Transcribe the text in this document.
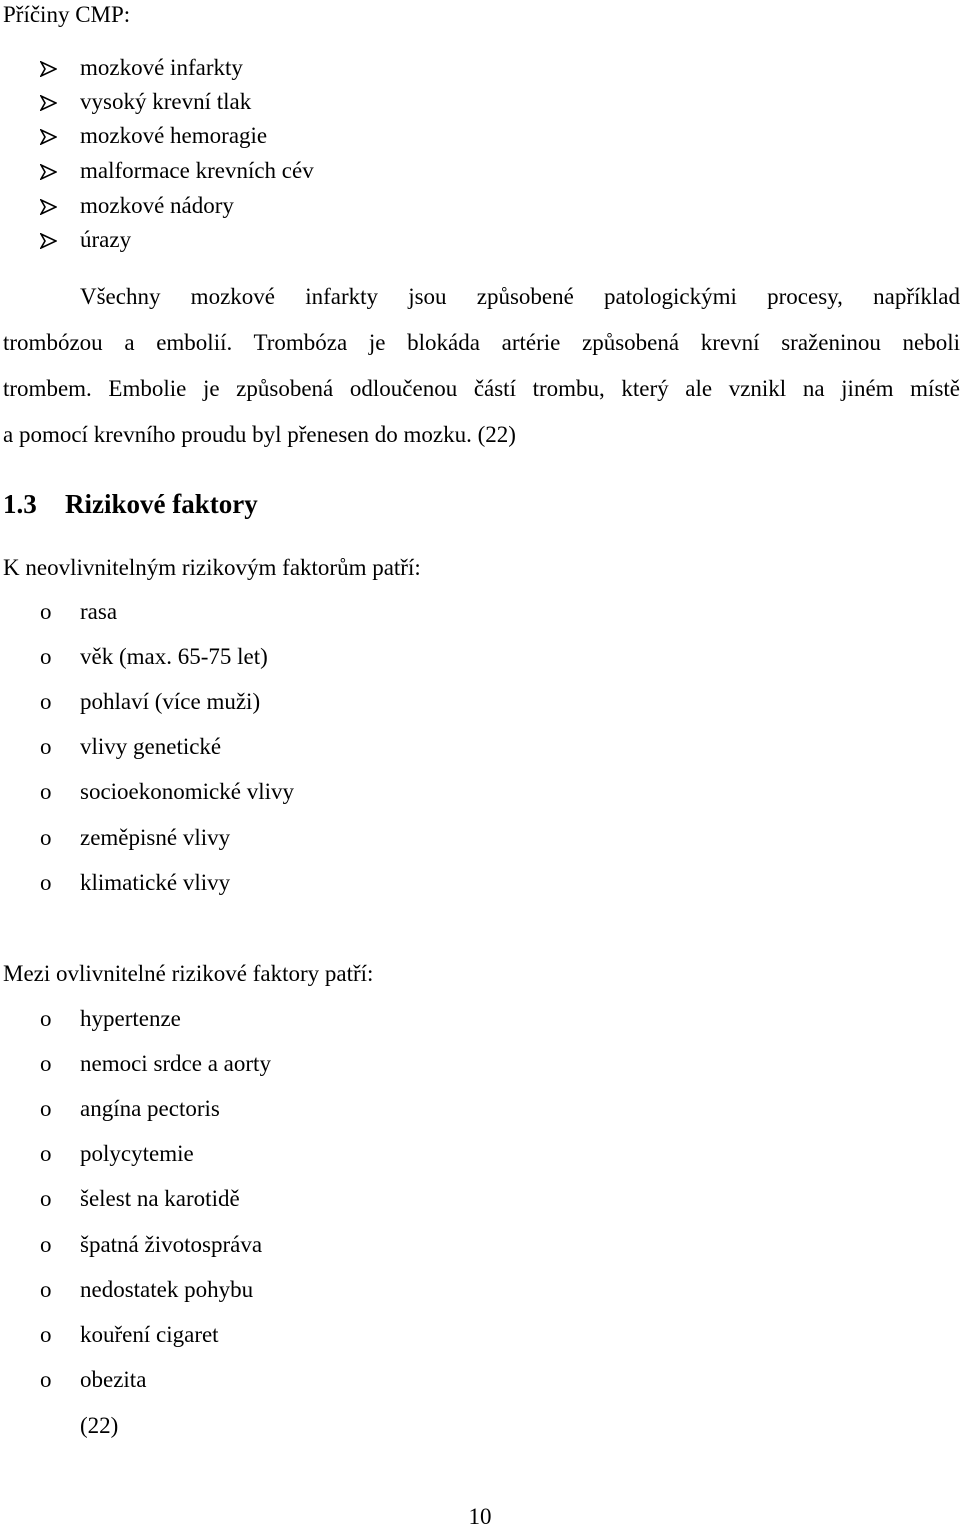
Příčiny CMP:
mozkové infarkty
vysoký krevní tlak
mozkové hemoragie
malformace krevních cév
mozkové nádory
úrazy
Všechny mozkové infarkty jsou způsobené patologickými procesy, například
trombózou a embolií. Trombóza je blokáda artérie způsobená krevní sraženinou neboli
trombem. Embolie je způsobená odloučenou částí trombu, který ale vznikl na jiném místě
a pomocí krevního proudu byl přenesen do mozku. (22)
1.3 Rizikové faktory
K neovlivnitelným rizikovým faktorům patří:
o rasa
o věk (max. 65-75 let)
o pohlaví (více muži)
o vlivy genetické
o socioekonomické vlivy
o zeměpisné vlivy
o klimatické vlivy
Mezi ovlivnitelné rizikové faktory patří:
o hypertenze
o nemoci srdce a aorty
o angína pectoris
o polycytemie
o šelest na karotidě
o špatná životospráva
o nedostatek pohybu
o kouření cigaret
o obezita
(22)
10
